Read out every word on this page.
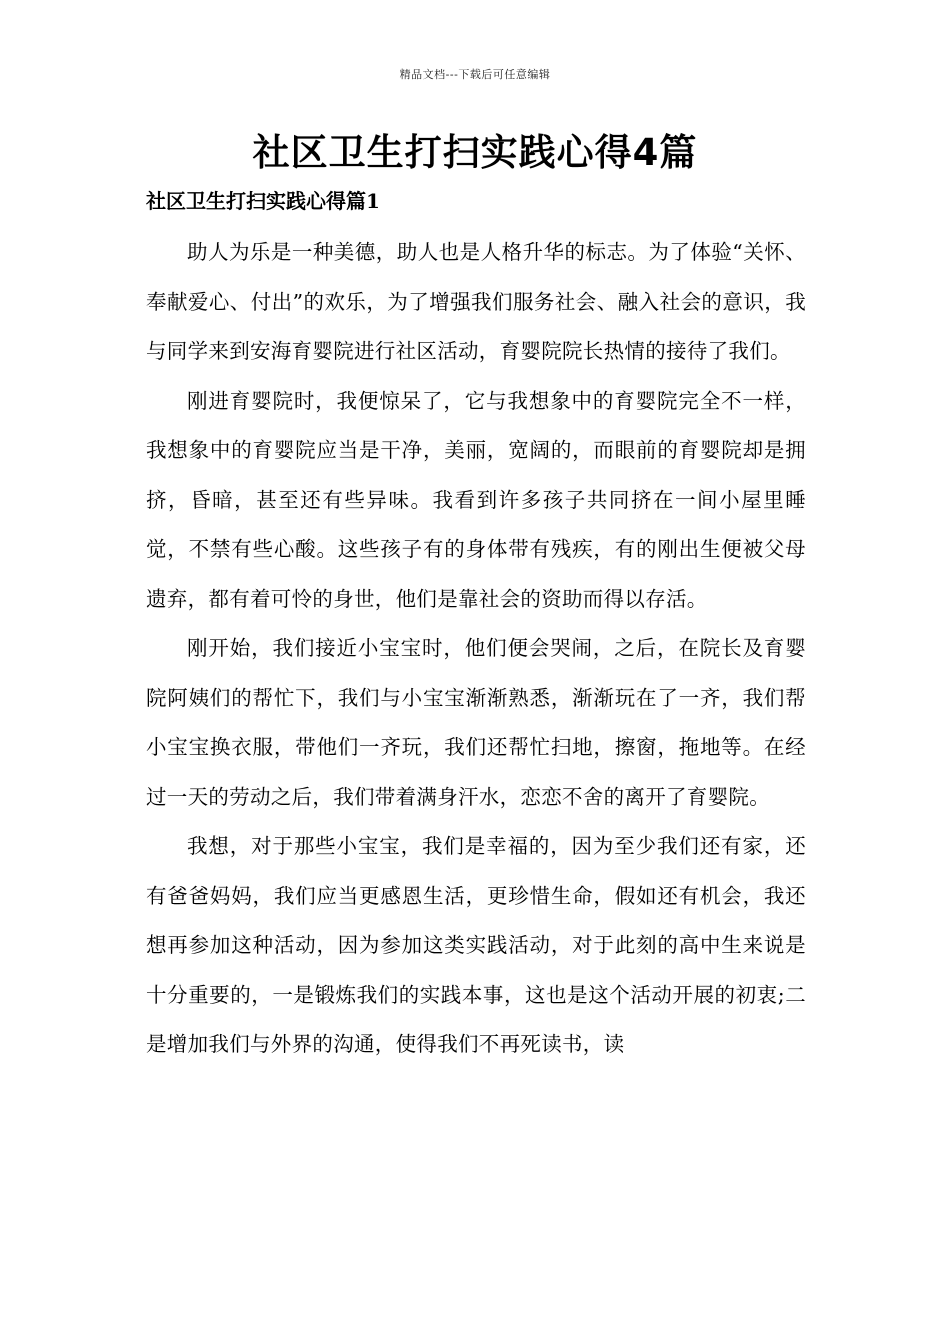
精品文档---下载后可任意编辑
社区卫生打扫实践心得4篇
社区卫生打扫实践心得篇1

助人为乐是一种美德，助人也是人格升华的标志。为了体验“关怀、奉献爱心、付出”的欢乐，为了增强我们服务社会、融入社会的意识，我与同学来到安海育婴院进行社区活动，育婴院院长热情的接待了我们。

刚进育婴院时，我便惊呆了，它与我想象中的育婴院完全不一样，我想象中的育婴院应当是干净，美丽，宽阔的，而眼前的育婴院却是拥挤，昏暗，甚至还有些异味。我看到许多孩子共同挤在一间小屋里睡觉，不禁有些心酸。这些孩子有的身体带有残疾，有的刚出生便被父母遗弃，都有着可怜的身世，他们是靠社会的资助而得以存活。

刚开始，我们接近小宝宝时，他们便会哭闹，之后，在院长及育婴院阿姨们的帮忙下，我们与小宝宝渐渐熟悉，渐渐玩在了一齐，我们帮小宝宝换衣服，带他们一齐玩，我们还帮忙扫地，擦窗，拖地等。在经过一天的劳动之后，我们带着满身汗水，恋恋不舍的离开了育婴院。

我想，对于那些小宝宝，我们是幸福的，因为至少我们还有家，还有爸爸妈妈，我们应当更感恩生活，更珍惜生命，假如还有机会，我还想再参加这种活动，因为参加这类实践活动，对于此刻的高中生来说是十分重要的，一是锻炼我们的实践本事，这也是这个活动开展的初衷;二是增加我们与外界的沟通，使得我们不再死读书，读
